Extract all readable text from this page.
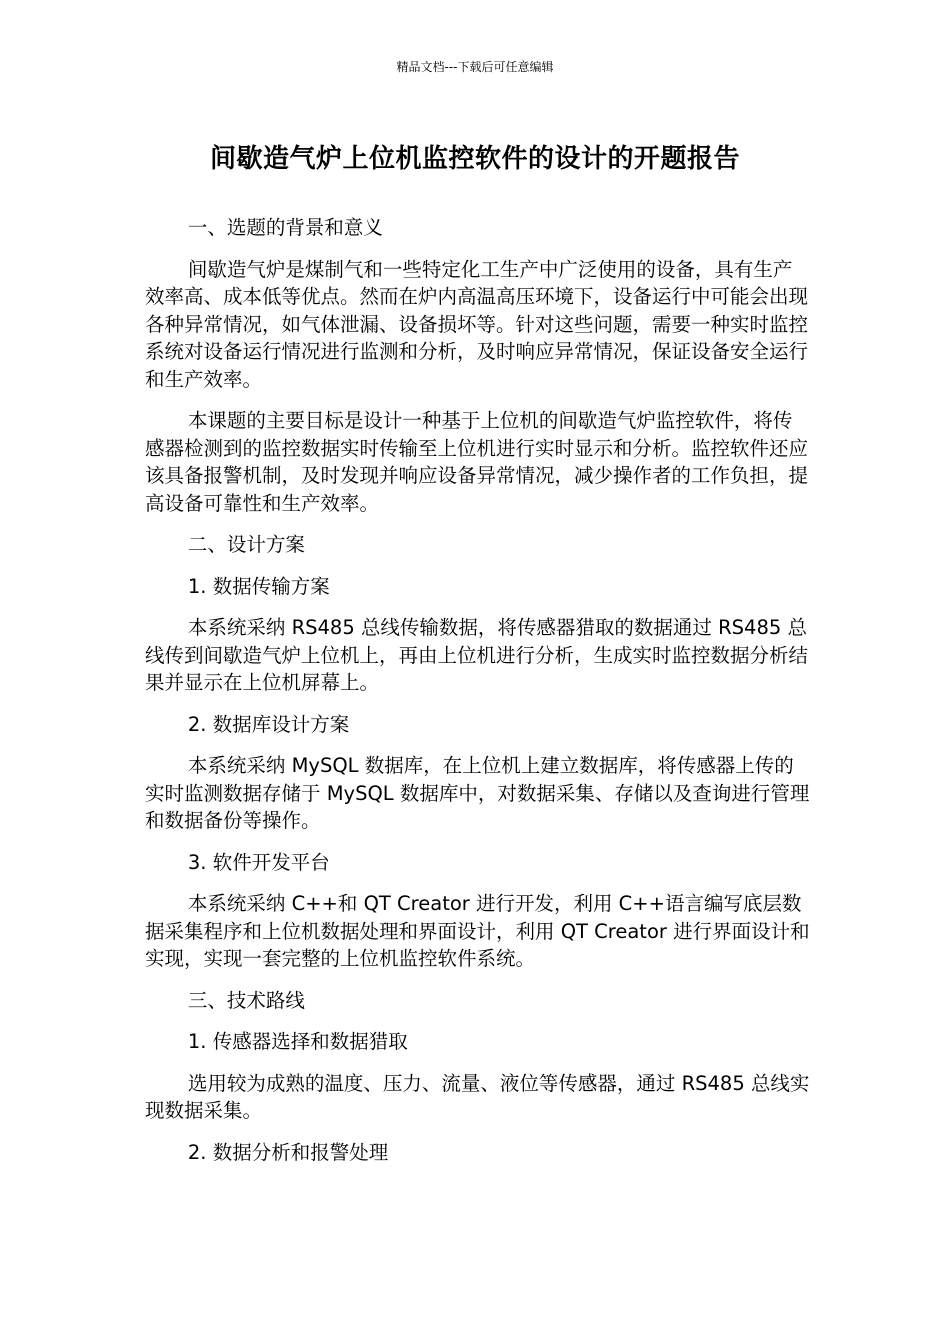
精品文档---下载后可任意编辑
间歇造气炉上位机监控软件的设计的开题报告

一、选题的背景和意义

间歇造气炉是煤制气和一些特定化工生产中广泛使用的设备，具有生产效率高、成本低等优点。然而在炉内高温高压环境下，设备运行中可能会出现各种异常情况，如气体泄漏、设备损坏等。针对这些问题，需要一种实时监控系统对设备运行情况进行监测和分析，及时响应异常情况，保证设备安全运行和生产效率。

本课题的主要目标是设计一种基于上位机的间歇造气炉监控软件，将传感器检测到的监控数据实时传输至上位机进行实时显示和分析。监控软件还应该具备报警机制，及时发现并响应设备异常情况，减少操作者的工作负担，提高设备可靠性和生产效率。

二、设计方案

1. 数据传输方案

本系统采纳 RS485 总线传输数据，将传感器猎取的数据通过 RS485 总线传到间歇造气炉上位机上，再由上位机进行分析，生成实时监控数据分析结果并显示在上位机屏幕上。

2. 数据库设计方案

本系统采纳 MySQL 数据库，在上位机上建立数据库，将传感器上传的实时监测数据存储于 MySQL 数据库中，对数据采集、存储以及查询进行管理和数据备份等操作。

3. 软件开发平台

本系统采纳 C++和 QT Creator 进行开发，利用 C++语言编写底层数据采集程序和上位机数据处理和界面设计，利用 QT Creator 进行界面设计和实现，实现一套完整的上位机监控软件系统。

三、技术路线

1. 传感器选择和数据猎取

选用较为成熟的温度、压力、流量、液位等传感器，通过 RS485 总线实现数据采集。

2. 数据分析和报警处理
